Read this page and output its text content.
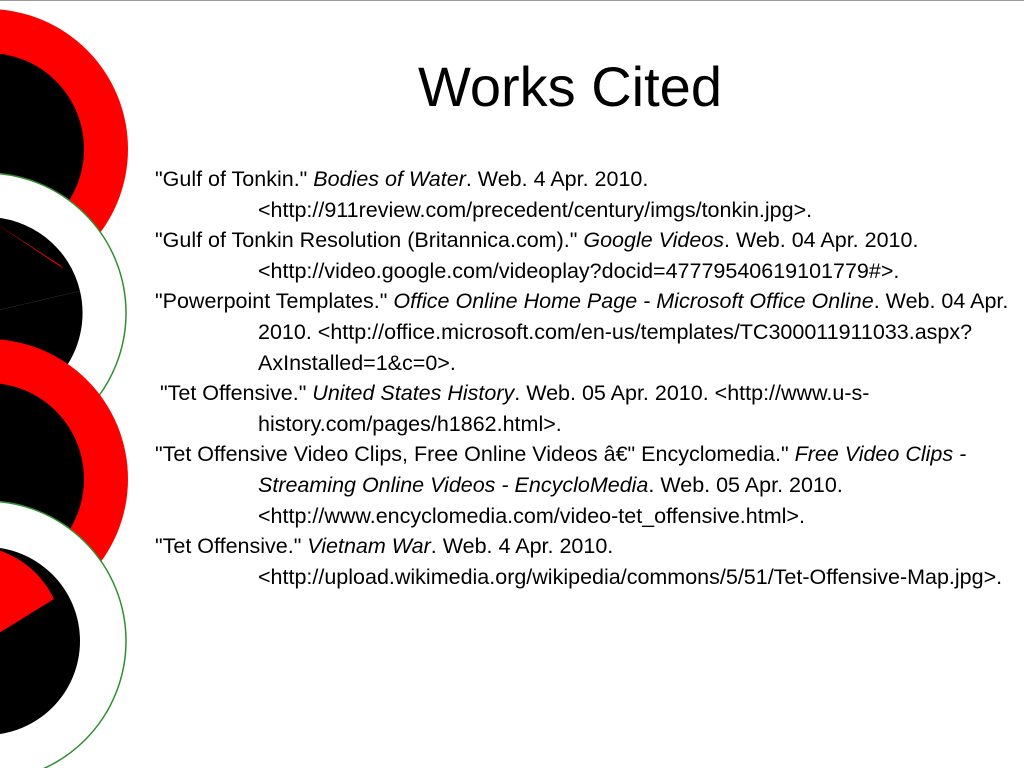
Works Cited

"Gulf of Tonkin." Bodies of Water. Web. 4 Apr. 2010. <http://911review.com/precedent/century/imgs/tonkin.jpg>.

"Gulf of Tonkin Resolution (Britannica.com)." Google Videos. Web. 04 Apr. 2010. <http://video.google.com/videoplay?docid=4777954061910177​9#>.

"Powerpoint Templates." Office Online Home Page - Microsoft Office Online. Web. 04 Apr. 2010. <http://office.microsoft.com/en-us/templates/TC300011911033.aspx?AxInstalled=1&c=0>.

"Tet Offensive." United States History. Web. 05 Apr. 2010. <http://www.u-s-history.com/pages/h1862.html>.

"Tet Offensive Video Clips, Free Online Videos â€" Encyclomedia." Free Video Clips - Streaming Online Videos - EncycloMedia. Web. 05 Apr. 2010. <http://www.encyclomedia.com/video-tet_offensive.html>.

"Tet Offensive." Vietnam War. Web. 4 Apr. 2010. <http://upload.wikimedia.org/wikipedia/commons/5/51/Tet-Offensive-Map.jpg>.
